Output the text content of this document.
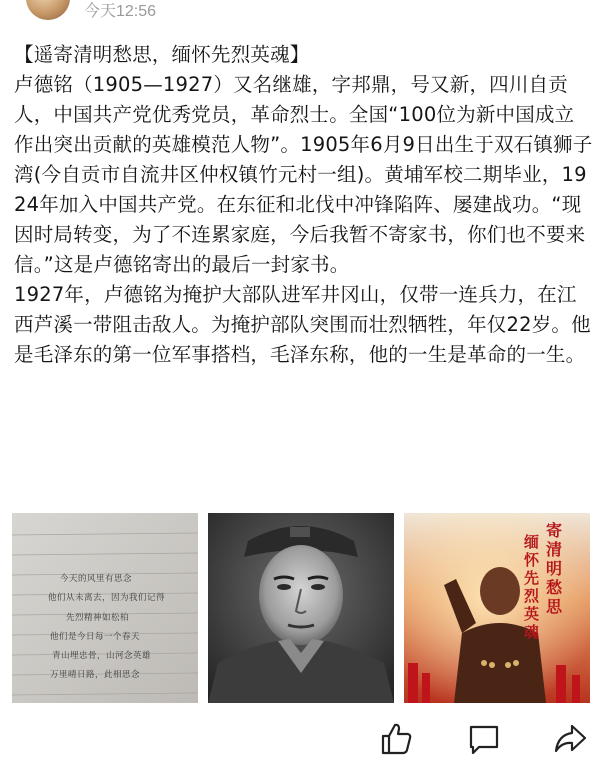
今天12:56

【遥寄清明愁思，缅怀先烈英魂】

卢德铭（1905—1927）又名继雄，字邦鼎，号又新，四川自贡人，中国共产党优秀党员，革命烈士。全国“100位为新中国成立作出突出贡献的英雄模范人物”。1905年6月9日出生于双石镇狮子湾(今自贡市自流井区仲权镇竹元村一组)。黄埔军校二期毕业，1924年加入中国共产党。在东征和北伐中冲锋陷阵、屡建战功。“现因时局转变，为了不连累家庭，今后我暂不寄家书，你们也不要来信。”这是卢德铭寄出的最后一封家书。

1927年，卢德铭为掩护大部队进军井冈山，仅带一连兵力，在江西芦溪一带阻击敌人。为掩护部队突围而壮烈牺牲，年仅22岁。他是毛泽东的第一位军事搭档，毛泽东称，他的一生是革命的一生。

今天的风里有思念
他们从未离去，因为我们记得
先烈精神如松柏
他们是今日每一个春天
青山埋忠骨，山河念英雄
万里晴日路，此相思念
寄清明愁思
缅怀先烈英魂
